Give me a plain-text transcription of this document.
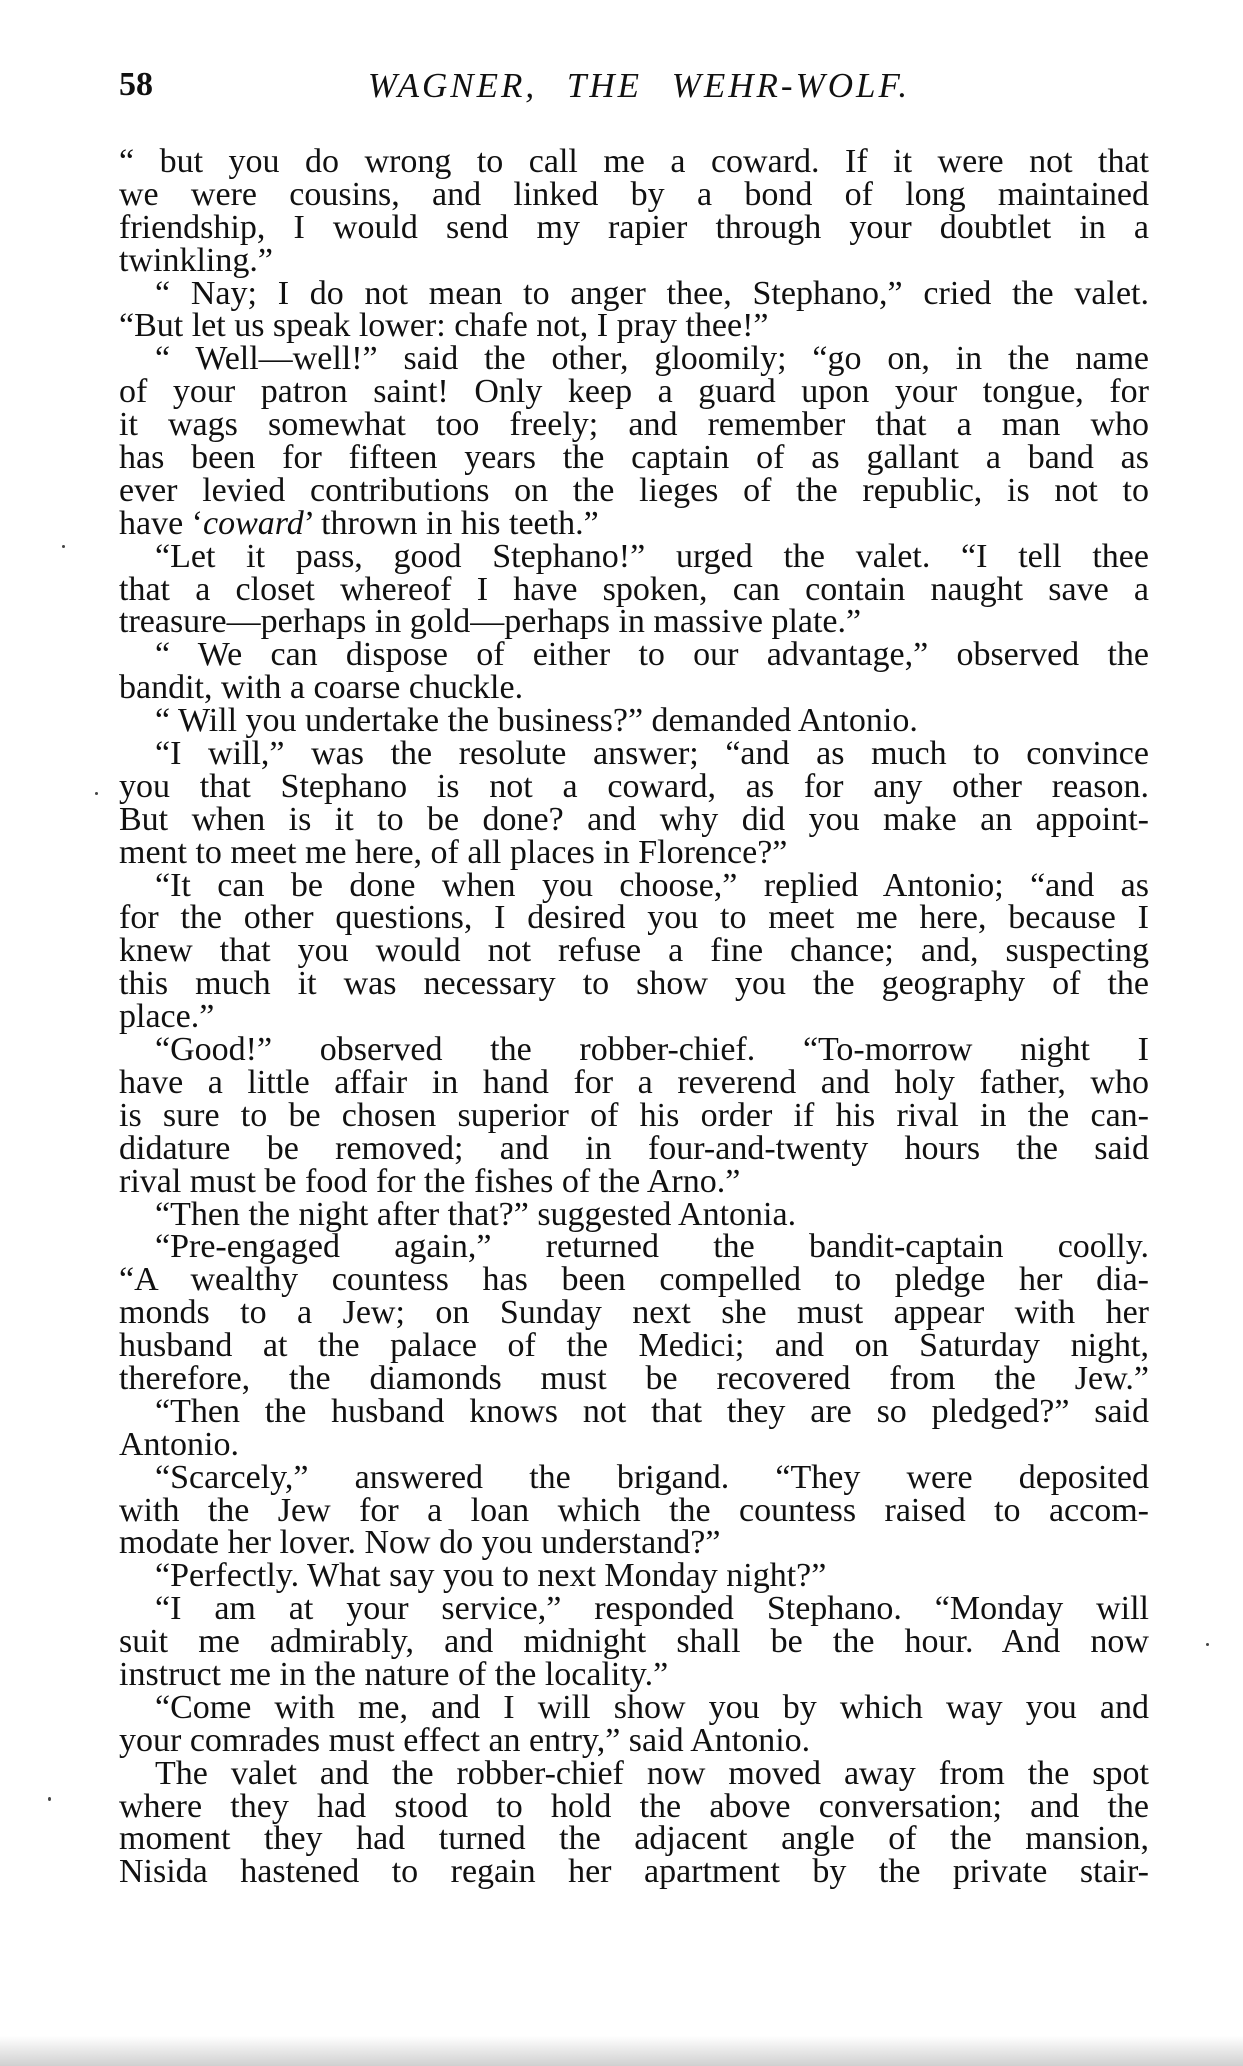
58	WAGNER, THE WEHR-WOLF.
“ but you do wrong to call me a coward. If it were not that
we were cousins, and linked by a bond of long maintained
friendship, I would send my rapier through your doubtlet in a
twinkling.”
“ Nay; I do not mean to anger thee, Stephano,” cried the valet.
“But let us speak lower: chafe not, I pray thee!”
“ Well—well!” said the other, gloomily; “go on, in the name
of your patron saint! Only keep a guard upon your tongue, for
it wags somewhat too freely; and remember that a man who
has been for fifteen years the captain of as gallant a band as
ever levied contributions on the lieges of the republic, is not to
have ‘coward’ thrown in his teeth.”
“Let it pass, good Stephano!” urged the valet. “I tell thee
that a closet whereof I have spoken, can contain naught save a
treasure—perhaps in gold—perhaps in massive plate.”
“ We can dispose of either to our advantage,” observed the
bandit, with a coarse chuckle.
“ Will you undertake the business?” demanded Antonio.
“I will,” was the resolute answer; “and as much to convince
you that Stephano is not a coward, as for any other reason.
But when is it to be done? and why did you make an appoint-
ment to meet me here, of all places in Florence?”
“It can be done when you choose,” replied Antonio; “and as
for the other questions, I desired you to meet me here, because I
knew that you would not refuse a fine chance; and, suspecting
this much it was necessary to show you the geography of the
place.”
“Good!” observed the robber-chief. “To-morrow night I
have a little affair in hand for a reverend and holy father, who
is sure to be chosen superior of his order if his rival in the can-
didature be removed; and in four-and-twenty hours the said
rival must be food for the fishes of the Arno.”
“Then the night after that?” suggested Antonia.
“Pre-engaged again,” returned the bandit-captain coolly.
“A wealthy countess has been compelled to pledge her dia-
monds to a Jew; on Sunday next she must appear with her
husband at the palace of the Medici; and on Saturday night,
therefore, the diamonds must be recovered from the Jew.”
“Then the husband knows not that they are so pledged?” said
Antonio.
“Scarcely,” answered the brigand. “They were deposited
with the Jew for a loan which the countess raised to accom-
modate her lover. Now do you understand?”
“Perfectly. What say you to next Monday night?”
“I am at your service,” responded Stephano. “Monday will
suit me admirably, and midnight shall be the hour. And now
instruct me in the nature of the locality.”
“Come with me, and I will show you by which way you and
your comrades must effect an entry,” said Antonio.
The valet and the robber-chief now moved away from the spot
where they had stood to hold the above conversation; and the
moment they had turned the adjacent angle of the mansion,
Nisida hastened to regain her apartment by the private stair-
